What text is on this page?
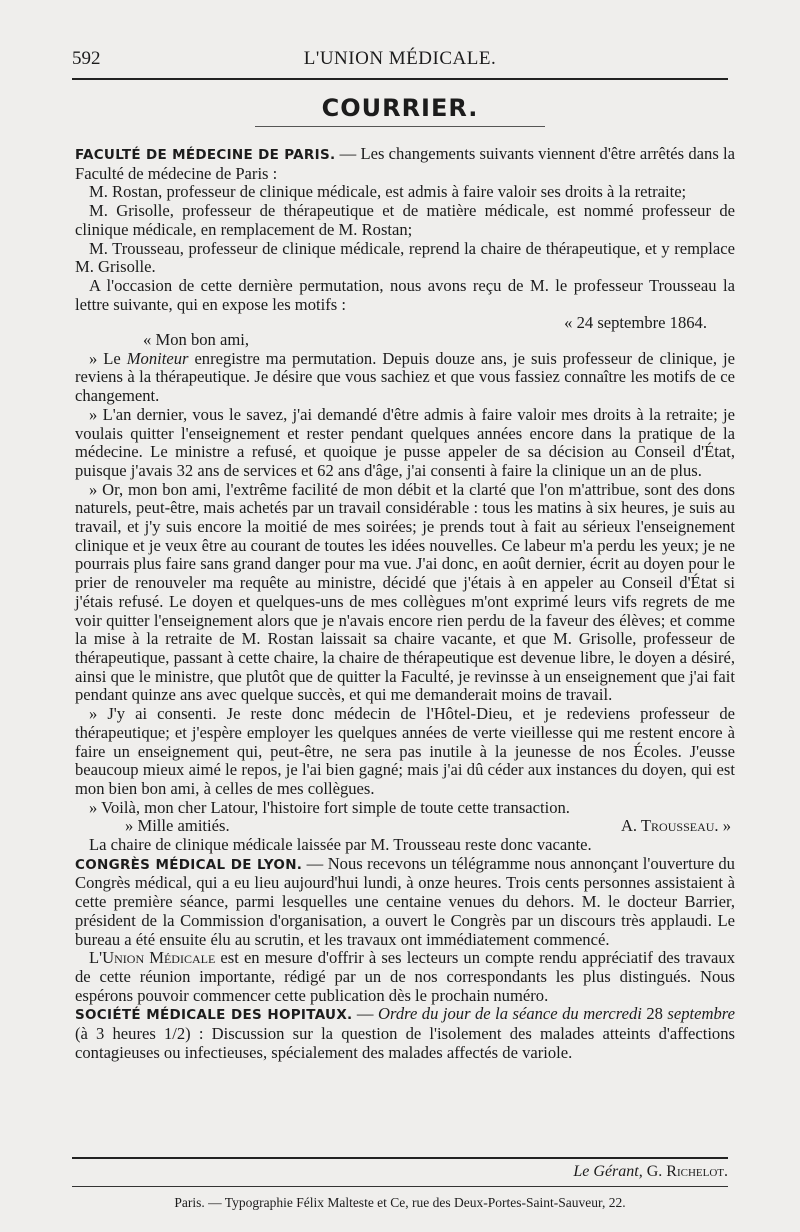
592	L'UNION MÉDICALE.
COURRIER.

FACULTÉ DE MÉDECINE DE PARIS. — Les changements suivants viennent d'être arrêtés dans la Faculté de médecine de Paris :

M. Rostan, professeur de clinique médicale, est admis à faire valoir ses droits à la retraite;

M. Grisolle, professeur de thérapeutique et de matière médicale, est nommé professeur de clinique médicale, en remplacement de M. Rostan;

M. Trousseau, professeur de clinique médicale, reprend la chaire de thérapeutique, et y remplace M. Grisolle.

A l'occasion de cette dernière permutation, nous avons reçu de M. le professeur Trousseau la lettre suivante, qui en expose les motifs :

« 24 septembre 1864.
« Mon bon ami,

» Le Moniteur enregistre ma permutation. Depuis douze ans, je suis professeur de clinique, je reviens à la thérapeutique. Je désire que vous sachiez et que vous fassiez connaître les motifs de ce changement.

» L'an dernier, vous le savez, j'ai demandé d'être admis à faire valoir mes droits à la retraite; je voulais quitter l'enseignement et rester pendant quelques années encore dans la pratique de la médecine. Le ministre a refusé, et quoique je pusse appeler de sa décision au Conseil d'État, puisque j'avais 32 ans de services et 62 ans d'âge, j'ai consenti à faire la clinique un an de plus.

» Or, mon bon ami, l'extrême facilité de mon débit et la clarté que l'on m'attribue, sont des dons naturels, peut-être, mais achetés par un travail considérable : tous les matins à six heures, je suis au travail, et j'y suis encore la moitié de mes soirées; je prends tout à fait au sérieux l'enseignement clinique et je veux être au courant de toutes les idées nouvelles. Ce labeur m'a perdu les yeux; je ne pourrais plus faire sans grand danger pour ma vue. J'ai donc, en août dernier, écrit au doyen pour le prier de renouveler ma requête au ministre, décidé que j'étais à en appeler au Conseil d'État si j'étais refusé. Le doyen et quelques-uns de mes collègues m'ont exprimé leurs vifs regrets de me voir quitter l'enseignement alors que je n'avais encore rien perdu de la faveur des élèves; et comme la mise à la retraite de M. Rostan laissait sa chaire vacante, et que M. Grisolle, professeur de thérapeutique, passant à cette chaire, la chaire de thérapeutique est devenue libre, le doyen a désiré, ainsi que le ministre, que plutôt que de quitter la Faculté, je revinsse à un enseignement que j'ai fait pendant quinze ans avec quelque succès, et qui me demanderait moins de travail.

» J'y ai consenti. Je reste donc médecin de l'Hôtel-Dieu, et je redeviens professeur de thérapeutique; et j'espère employer les quelques années de verte vieillesse qui me restent encore à faire un enseignement qui, peut-être, ne sera pas inutile à la jeunesse de nos Écoles. J'eusse beaucoup mieux aimé le repos, je l'ai bien gagné; mais j'ai dû céder aux instances du doyen, qui est mon bien bon ami, à celles de mes collègues.

» Voilà, mon cher Latour, l'histoire fort simple de toute cette transaction.

» Mille amitiés.	A. Trousseau. »

La chaire de clinique médicale laissée par M. Trousseau reste donc vacante.

CONGRÈS MÉDICAL DE LYON. — Nous recevons un télégramme nous annonçant l'ouverture du Congrès médical, qui a eu lieu aujourd'hui lundi, à onze heures. Trois cents personnes assistaient à cette première séance, parmi lesquelles une centaine venues du dehors. M. le docteur Barrier, président de la Commission d'organisation, a ouvert le Congrès par un discours très applaudi. Le bureau a été ensuite élu au scrutin, et les travaux ont immédiatement commencé.

L'Union Médicale est en mesure d'offrir à ses lecteurs un compte rendu appréciatif des travaux de cette réunion importante, rédigé par un de nos correspondants les plus distingués. Nous espérons pouvoir commencer cette publication dès le prochain numéro.

SOCIÉTÉ MÉDICALE DES HOPITAUX. — Ordre du jour de la séance du mercredi 28 septembre (à 3 heures 1/2) : Discussion sur la question de l'isolement des malades atteints d'affections contagieuses ou infectieuses, spécialement des malades affectés de variole.

Le Gérant, G. Richelot.
Paris. — Typographie Félix Malteste et Ce, rue des Deux-Portes-Saint-Sauveur, 22.
